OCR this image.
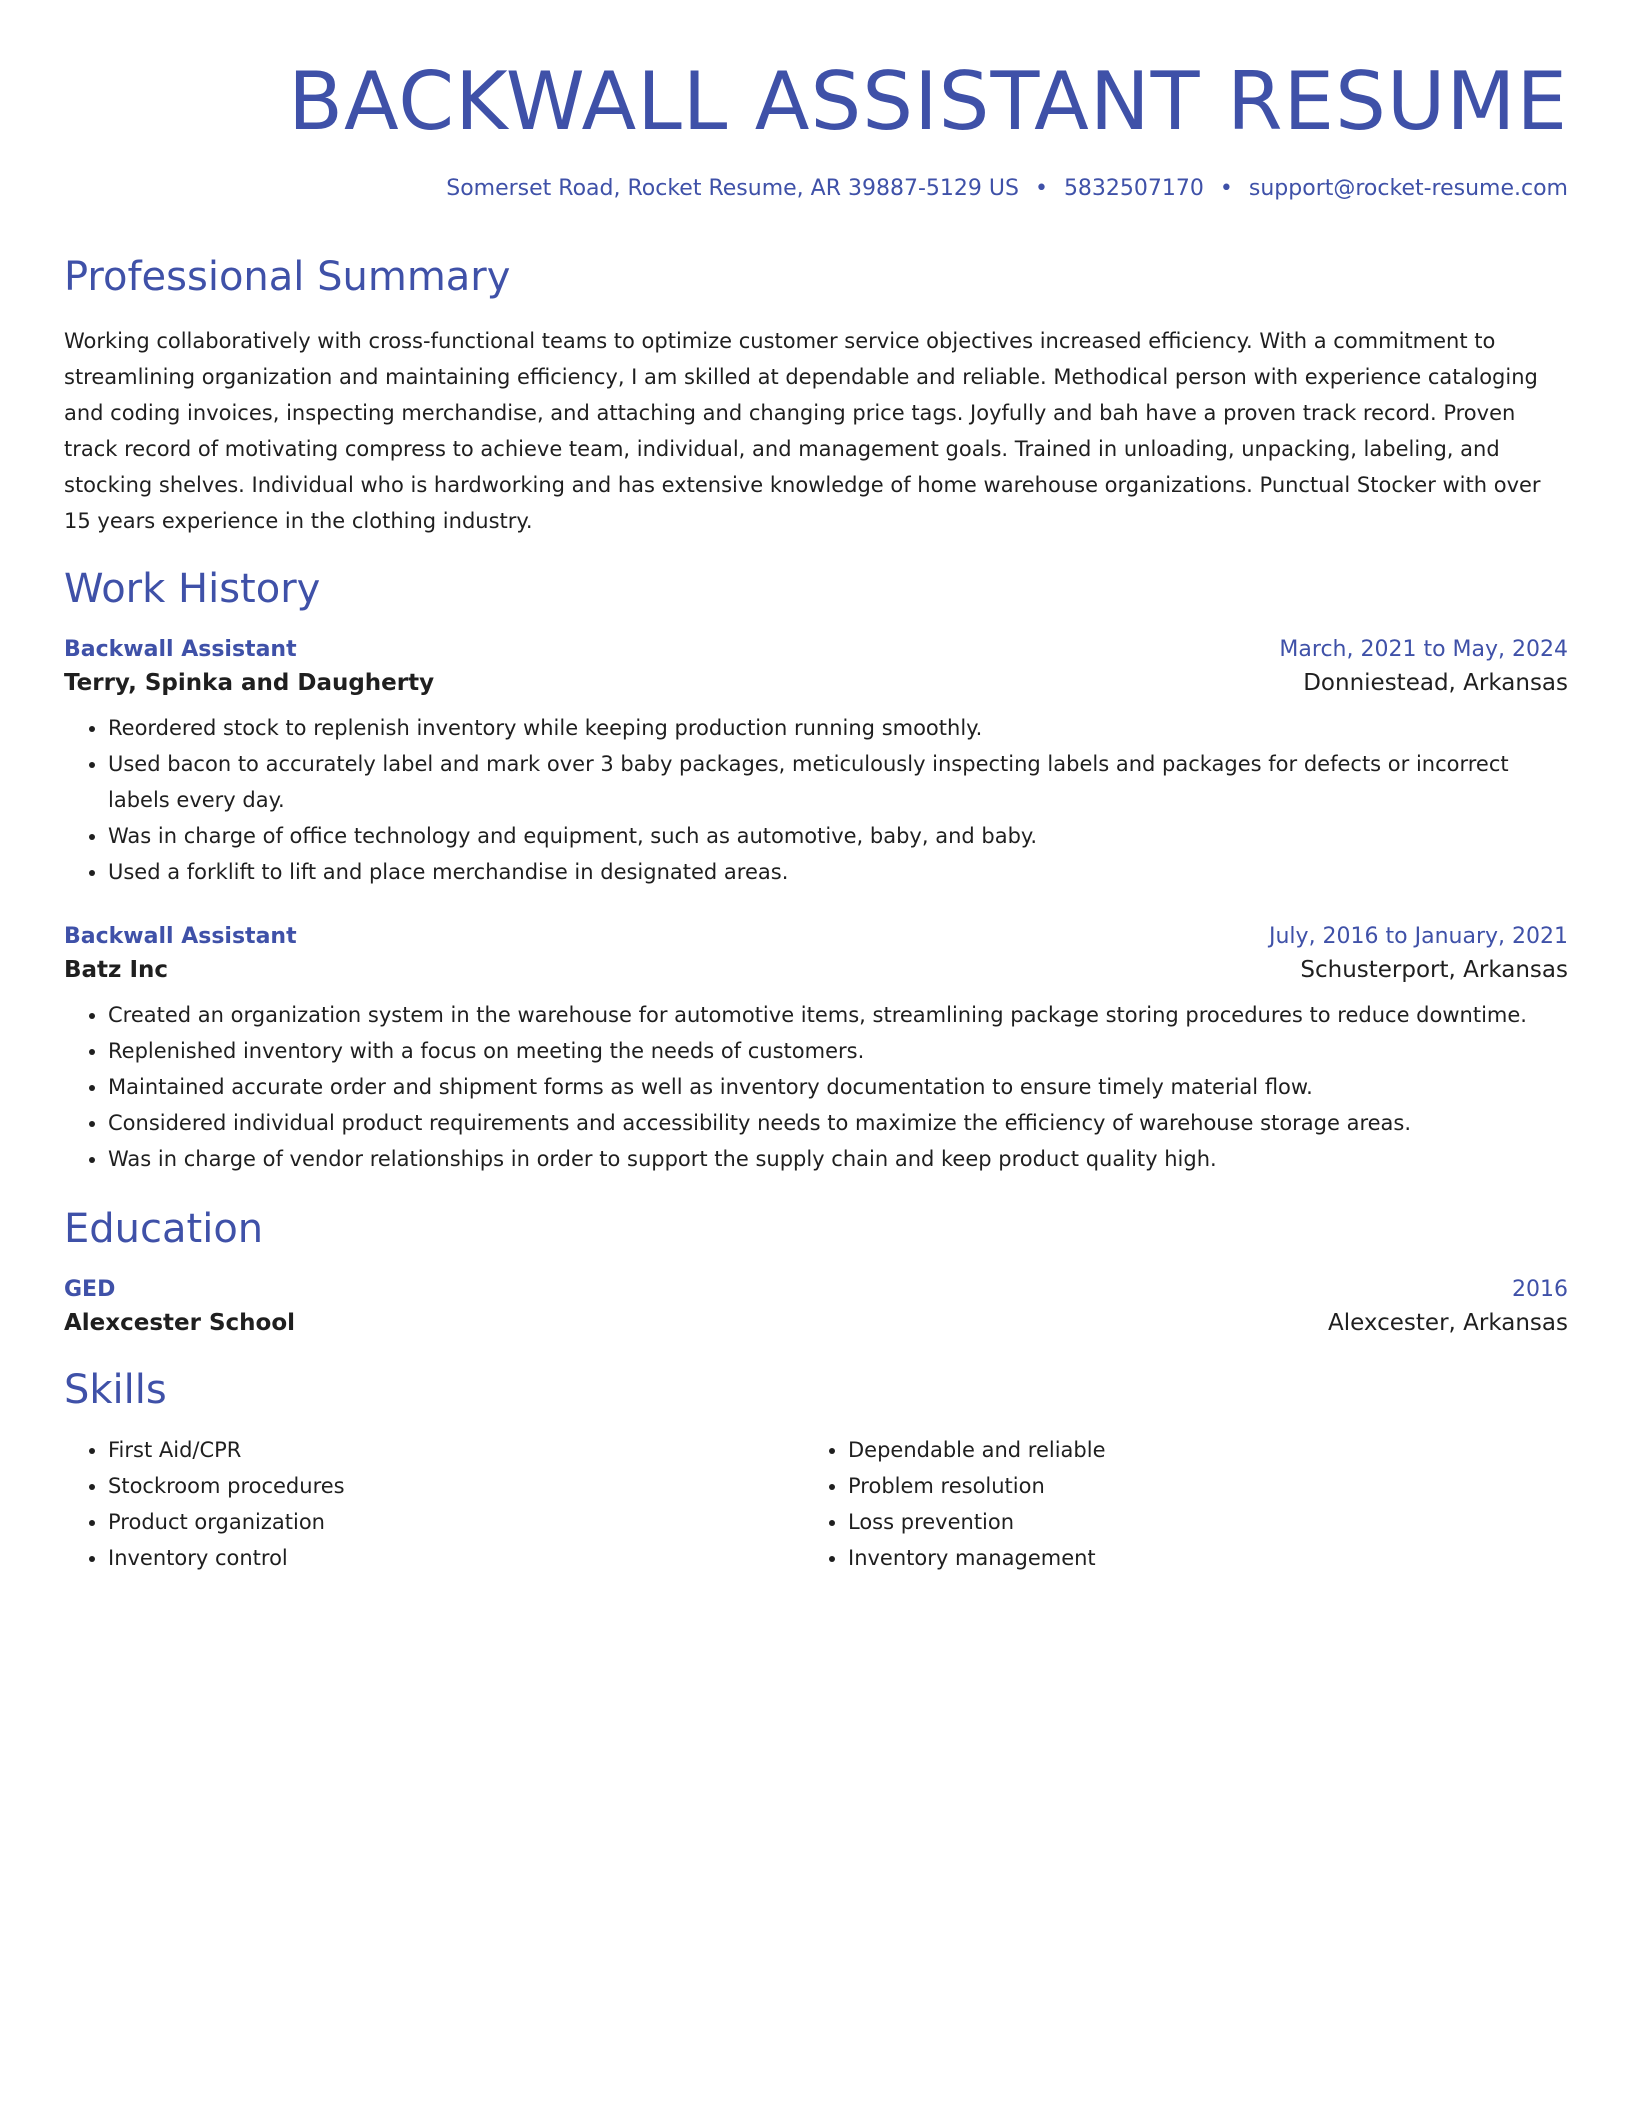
BACKWALL ASSISTANT RESUME
Somerset Road, Rocket Resume, AR 39887-5129 US • 5832507170 • support@rocket-resume.com
Professional Summary

Working collaboratively with cross-functional teams to optimize customer service objectives increased efficiency. With a commitment to streamlining organization and maintaining efficiency, I am skilled at dependable and reliable. Methodical person with experience cataloging and coding invoices, inspecting merchandise, and attaching and changing price tags. Joyfully and bah have a proven track record. Proven track record of motivating compress to achieve team, individual, and management goals. Trained in unloading, unpacking, labeling, and stocking shelves. Individual who is hardworking and has extensive knowledge of home warehouse organizations. Punctual Stocker with over 15 years experience in the clothing industry.

Work History
Backwall Assistant	March, 2021 to May, 2024
Terry, Spinka and Daugherty	Donniestead, Arkansas
• Reordered stock to replenish inventory while keeping production running smoothly.
• Used bacon to accurately label and mark over 3 baby packages, meticulously inspecting labels and packages for defects or incorrect labels every day.
• Was in charge of office technology and equipment, such as automotive, baby, and baby.
• Used a forklift to lift and place merchandise in designated areas.
Backwall Assistant	July, 2016 to January, 2021
Batz Inc	Schusterport, Arkansas
• Created an organization system in the warehouse for automotive items, streamlining package storing procedures to reduce downtime.
• Replenished inventory with a focus on meeting the needs of customers.
• Maintained accurate order and shipment forms as well as inventory documentation to ensure timely material flow.
• Considered individual product requirements and accessibility needs to maximize the efficiency of warehouse storage areas.
• Was in charge of vendor relationships in order to support the supply chain and keep product quality high.
Education
GED	2016
Alexcester School	Alexcester, Arkansas
Skills
• First Aid/CPR
• Stockroom procedures
• Product organization
• Inventory control
• Dependable and reliable
• Problem resolution
• Loss prevention
• Inventory management
